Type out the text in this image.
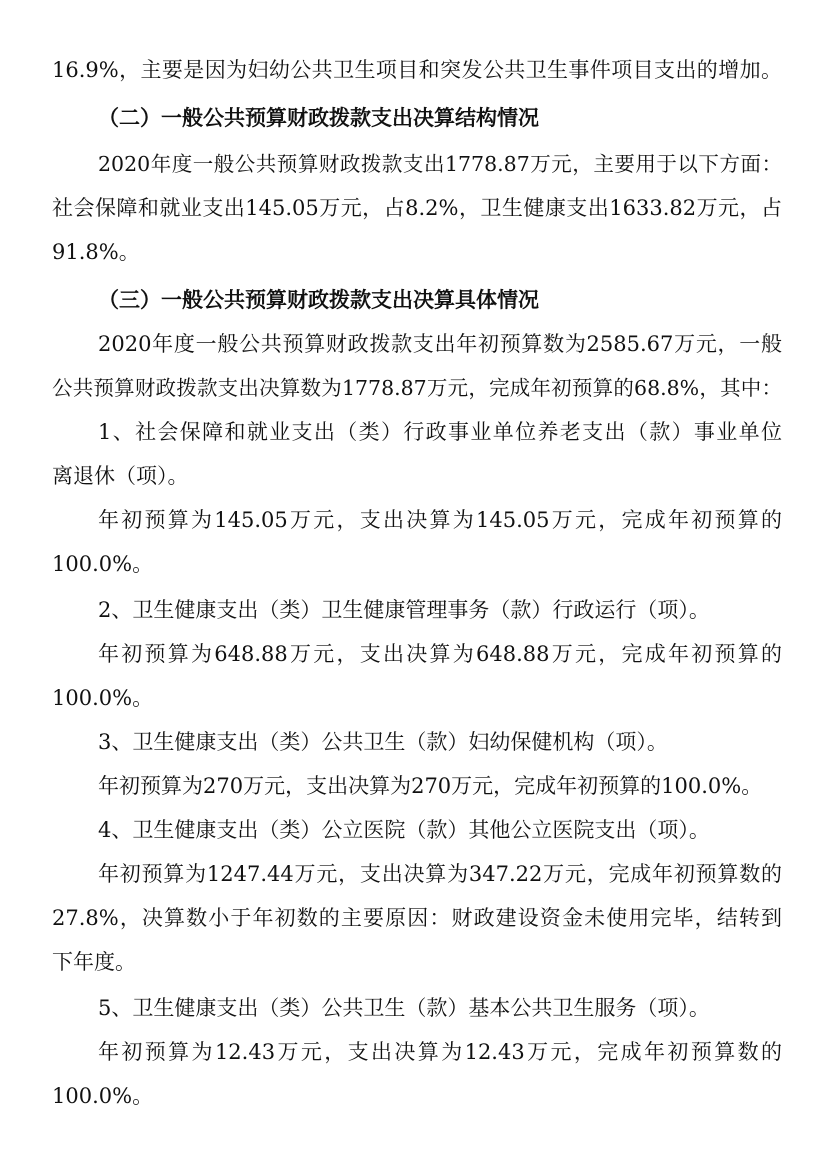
16.9%，主要是因为妇幼公共卫生项目和突发公共卫生事件项目支出的增加。
（二）一般公共预算财政拨款支出决算结构情况
2020年度一般公共预算财政拨款支出1778.87万元，主要用于以下方面：
社会保障和就业支出145.05万元，占8.2%，卫生健康支出1633.82万元，占
91.8%。
（三）一般公共预算财政拨款支出决算具体情况
2020年度一般公共预算财政拨款支出年初预算数为2585.67万元，一般
公共预算财政拨款支出决算数为1778.87万元，完成年初预算的68.8%，其中：
1、社会保障和就业支出（类）行政事业单位养老支出（款）事业单位
离退休（项）。
年初预算为145.05万元，支出决算为145.05万元，完成年初预算的
100.0%。
2、卫生健康支出（类）卫生健康管理事务（款）行政运行（项）。
年初预算为648.88万元，支出决算为648.88万元，完成年初预算的
100.0%。
3、卫生健康支出（类）公共卫生（款）妇幼保健机构（项）。
年初预算为270万元，支出决算为270万元，完成年初预算的100.0%。
4、卫生健康支出（类）公立医院（款）其他公立医院支出（项）。
年初预算为1247.44万元，支出决算为347.22万元，完成年初预算数的
27.8%，决算数小于年初数的主要原因：财政建设资金未使用完毕，结转到
下年度。
5、卫生健康支出（类）公共卫生（款）基本公共卫生服务（项）。
年初预算为12.43万元，支出决算为12.43万元，完成年初预算数的
100.0%。
